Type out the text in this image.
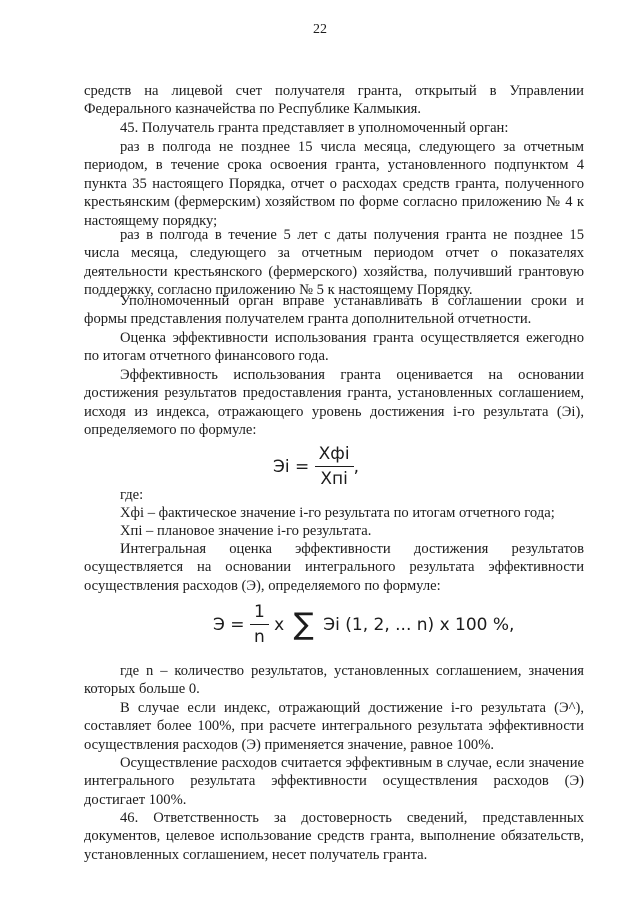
22

средств на лицевой счет получателя гранта, открытый в Управлении Федерального казначейства по Республике Калмыкия.

45. Получатель гранта представляет в уполномоченный орган:

раз в полгода не позднее 15 числа месяца, следующего за отчетным периодом, в течение срока освоения гранта, установленного подпунктом 4 пункта 35 настоящего Порядка, отчет о расходах средств гранта, полученного крестьянским (фермерским) хозяйством по форме согласно приложению № 4 к настоящему порядку;

раз в полгода в течение 5 лет с даты получения гранта не позднее 15 числа месяца, следующего за отчетным периодом отчет о показателях деятельности крестьянского (фермерского) хозяйства, получивший грантовую поддержку, согласно приложению № 5 к настоящему Порядку.

Уполномоченный орган вправе устанавливать в соглашении сроки и формы представления получателем гранта дополнительной отчетности.

Оценка эффективности использования гранта осуществляется ежегодно по итогам отчетного финансового года.

Эффективность использования гранта оценивается на основании достижения результатов предоставления гранта, установленных соглашением, исходя из индекса, отражающего уровень достижения i-го результата (Эi), определяемого по формуле:

Эi = $\frac{\text{Хфi}}{\text{Хпi}}$ ,

где:

Хфi – фактическое значение i-го результата по итогам отчетного года;

Хпi – плановое значение i-го результата.

Интегральная оценка эффективности достижения результатов осуществляется на основании интегрального результата эффективности осуществления расходов (Э), определяемого по формуле:

$Э = \frac{1}{n}$ x ∑ Эi (1, 2, ... n) x 100 %,

где n – количество результатов, установленных соглашением, значения которых больше 0.

В случае если индекс, отражающий достижение i-го результата (Э^), составляет более 100%, при расчете интегрального результата эффективности осуществления расходов (Э) применяется значение, равное 100%.

Осуществление расходов считается эффективным в случае, если значение интегрального результата эффективности осуществления расходов (Э) достигает 100%.

46. Ответственность за достоверность сведений, представленных документов, целевое использование средств гранта, выполнение обязательств, установленных соглашением, несет получатель гранта.
